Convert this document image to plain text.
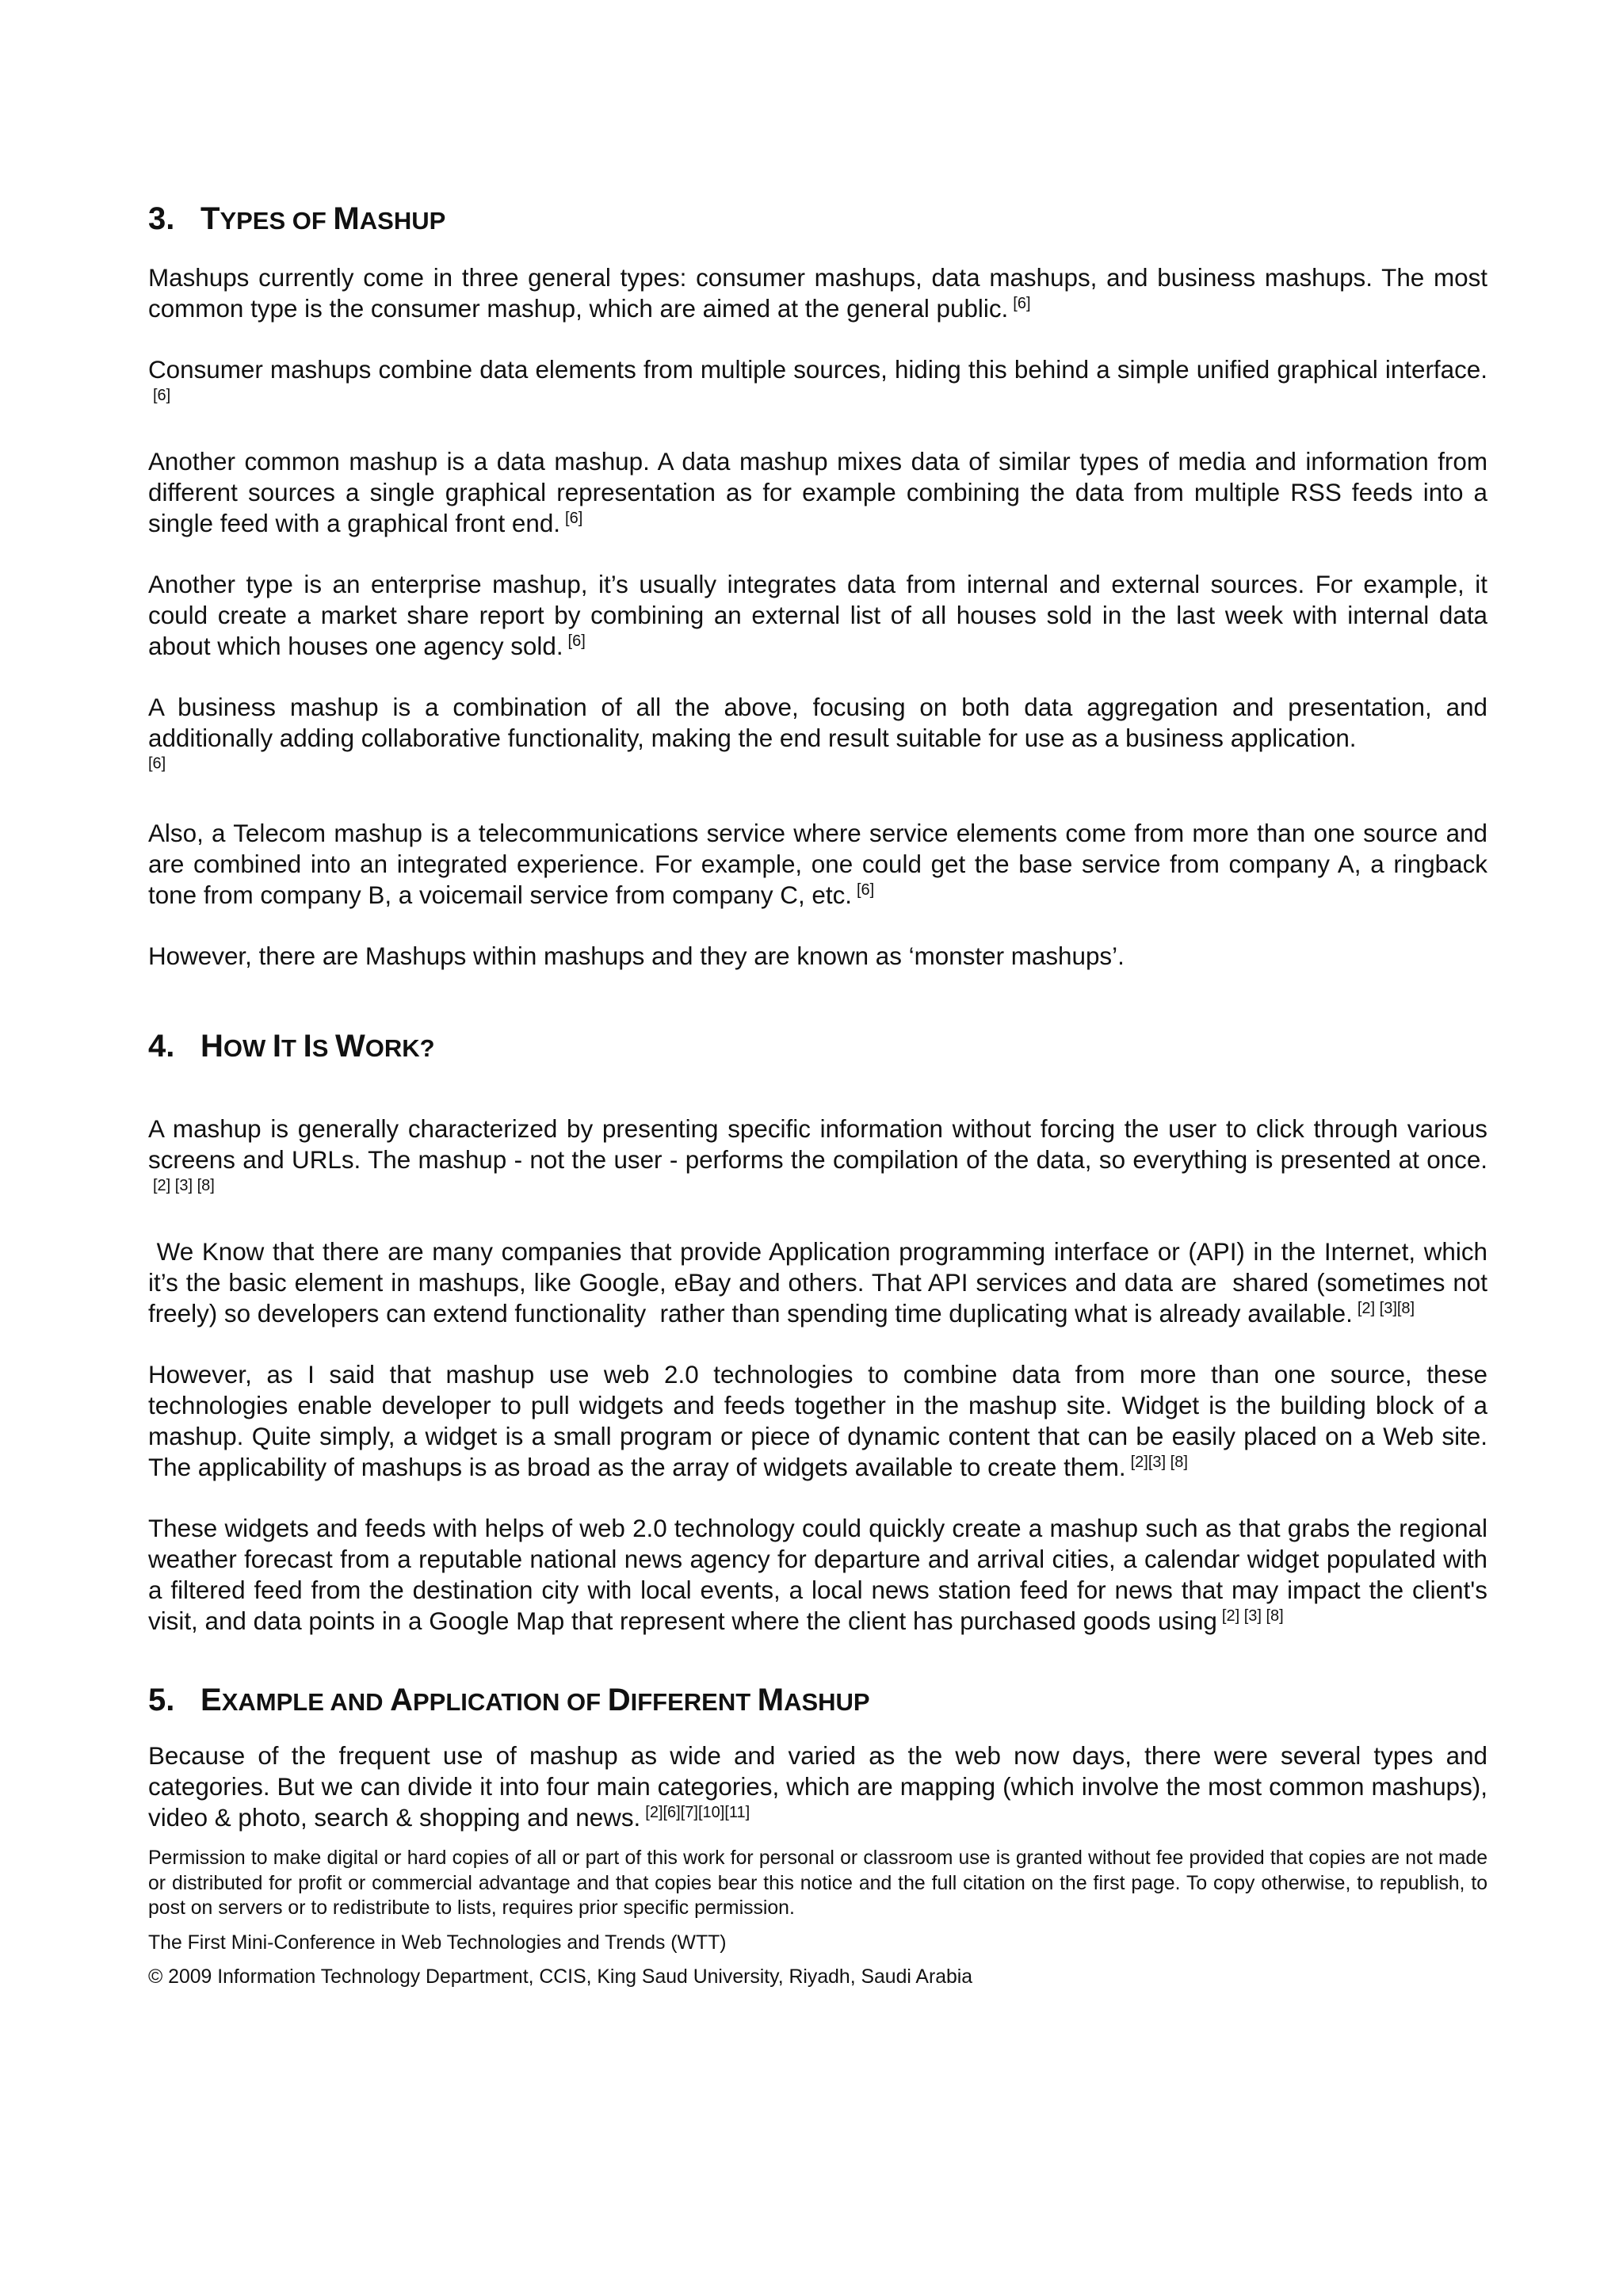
3. TYPES OF MASHUP

Mashups currently come in three general types: consumer mashups, data mashups, and business mashups. The most common type is the consumer mashup, which are aimed at the general public. [6]

Consumer mashups combine data elements from multiple sources, hiding this behind a simple unified graphical interface.[6]

Another common mashup is a data mashup. A data mashup mixes data of similar types of media and information from different sources a single graphical representation as for example combining the data from multiple RSS feeds into a single feed with a graphical front end. [6]

Another type is an enterprise mashup, it’s usually integrates data from internal and external sources. For example, it could create a market share report by combining an external list of all houses sold in the last week with internal data about which houses one agency sold. [6]

A business mashup is a combination of all the above, focusing on both data aggregation and presentation, and additionally adding collaborative functionality, making the end result suitable for use as a business application.
[6]

Also, a Telecom mashup is a telecommunications service where service elements come from more than one source and are combined into an integrated experience. For example, one could get the base service from company A, a ringback tone from company B, a voicemail service from company C, etc. [6]

However, there are Mashups within mashups and they are known as ‘monster mashups’.

4. HOW IT IS WORK?

A mashup is generally characterized by presenting specific information without forcing the user to click through various screens and URLs. The mashup - not the user - performs the compilation of the data, so everything is presented at once.[2] [3] [8]

We Know that there are many companies that provide Application programming interface or (API) in the Internet, which it’s the basic element in mashups, like Google, eBay and others. That API services and data are  shared (sometimes not freely) so developers can extend functionality  rather than spending time duplicating what is already available. [2] [3][8]

However, as I said that mashup use web 2.0 technologies to combine data from more than one source, these technologies enable developer to pull widgets and feeds together in the mashup site. Widget is the building block of a mashup. Quite simply, a widget is a small program or piece of dynamic content that can be easily placed on a Web site. The applicability of mashups is as broad as the array of widgets available to create them. [2][3] [8]

These widgets and feeds with helps of web 2.0 technology could quickly create a mashup such as that grabs the regional weather forecast from a reputable national news agency for departure and arrival cities, a calendar widget populated with a filtered feed from the destination city with local events, a local news station feed for news that may impact the client's visit, and data points in a Google Map that represent where the client has purchased goods using [2] [3] [8]

5. EXAMPLE AND APPLICATION OF DIFFERENT MASHUP

Because of the frequent use of mashup as wide and varied as the web now days, there were several types and categories. But we can divide it into four main categories, which are mapping (which involve the most common mashups), video & photo, search & shopping and news. [2][6][7][10][11]

Permission to make digital or hard copies of all or part of this work for personal or classroom use is granted without fee provided that copies are not made or distributed for profit or commercial advantage and that copies bear this notice and the full citation on the first page. To copy otherwise, to republish, to post on servers or to redistribute to lists, requires prior specific permission.

The First Mini-Conference in Web Technologies and Trends (WTT)

© 2009 Information Technology Department, CCIS, King Saud University, Riyadh, Saudi Arabia
